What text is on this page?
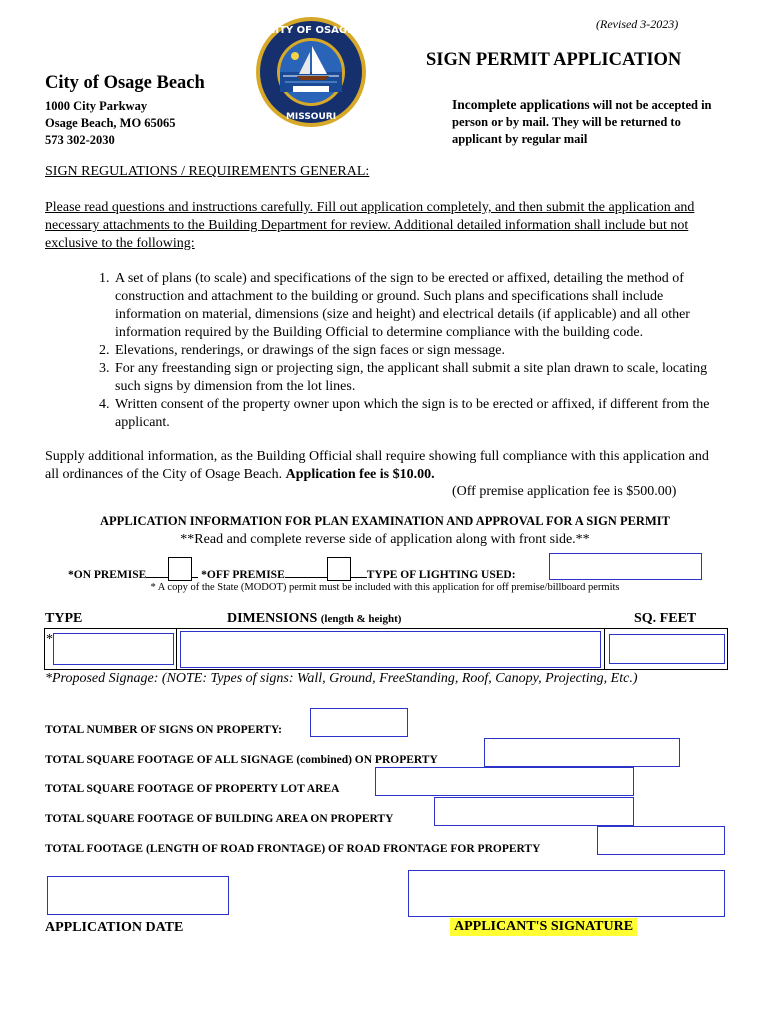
(Revised 3-2023)
CITY OF OSAGE
MISSOURI
SIGN PERMIT APPLICATION
City of Osage Beach
1000 City Parkway
Osage Beach, MO 65065
573 302-2030
Incomplete applications will not be accepted in person or by mail. They will be returned to applicant by regular mail
SIGN REGULATIONS / REQUIREMENTS GENERAL:
Please read questions and instructions carefully. Fill out application completely, and then submit the application and necessary attachments to the Building Department for review. Additional detailed information shall include but not exclusive to the following:
1. A set of plans (to scale) and specifications of the sign to be erected or affixed, detailing the method of construction and attachment to the building or ground. Such plans and specifications shall include information on material, dimensions (size and height) and electrical details (if applicable) and all other information required by the Building Official to determine compliance with the building code.
2. Elevations, renderings, or drawings of the sign faces or sign message.
3. For any freestanding sign or projecting sign, the applicant shall submit a site plan drawn to scale, locating such signs by dimension from the lot lines.
4. Written consent of the property owner upon which the sign is to be erected or affixed, if different from the applicant.
Supply additional information, as the Building Official shall require showing full compliance with this application and all ordinances of the City of Osage Beach. Application fee is $10.00.
(Off premise application fee is $500.00)
APPLICATION INFORMATION FOR PLAN EXAMINATION AND APPROVAL FOR A SIGN PERMIT
**Read and complete reverse side of application along with front side.**
*ON PREMISE	*OFF PREMISE	TYPE OF LIGHTING USED:
* A copy of the State (MODOT) permit must be included with this application for off premise/billboard permits
TYPE	DIMENSIONS (length & height)	SQ. FEET
*
*Proposed Signage: (NOTE: Types of signs: Wall, Ground, FreeStanding, Roof, Canopy, Projecting, Etc.)
TOTAL NUMBER OF SIGNS ON PROPERTY:
TOTAL SQUARE FOOTAGE OF ALL SIGNAGE (combined) ON PROPERTY
TOTAL SQUARE FOOTAGE OF PROPERTY LOT AREA
TOTAL SQUARE FOOTAGE OF BUILDING AREA ON PROPERTY
TOTAL FOOTAGE (LENGTH OF ROAD FRONTAGE) OF ROAD FRONTAGE FOR PROPERTY
APPLICATION DATE	APPLICANT'S SIGNATURE
